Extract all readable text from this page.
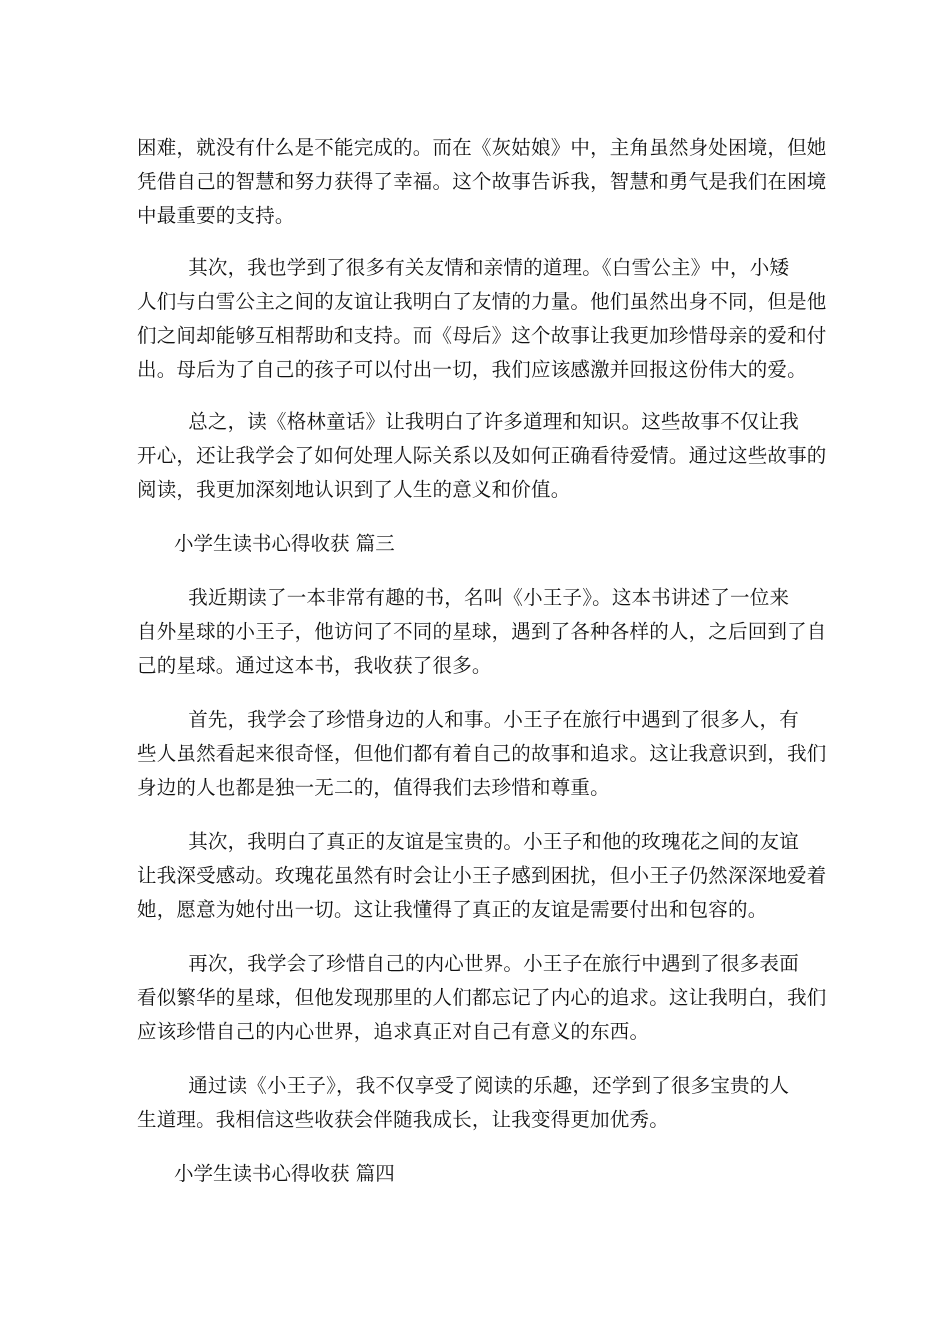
困难，就没有什么是不能完成的。而在《灰姑娘》中，主角虽然身处困境，但她
凭借自己的智慧和努力获得了幸福。这个故事告诉我，智慧和勇气是我们在困境
中最重要的支持。

其次，我也学到了很多有关友情和亲情的道理。《白雪公主》中，小矮
人们与白雪公主之间的友谊让我明白了友情的力量。他们虽然出身不同，但是他
们之间却能够互相帮助和支持。而《母后》这个故事让我更加珍惜母亲的爱和付
出。母后为了自己的孩子可以付出一切，我们应该感激并回报这份伟大的爱。

总之，读《格林童话》让我明白了许多道理和知识。这些故事不仅让我
开心，还让我学会了如何处理人际关系以及如何正确看待爱情。通过这些故事的
阅读，我更加深刻地认识到了人生的意义和价值。

小学生读书心得收获 篇三

我近期读了一本非常有趣的书，名叫《小王子》。这本书讲述了一位来
自外星球的小王子，他访问了不同的星球，遇到了各种各样的人，之后回到了自
己的星球。通过这本书，我收获了很多。

首先，我学会了珍惜身边的人和事。小王子在旅行中遇到了很多人，有
些人虽然看起来很奇怪，但他们都有着自己的故事和追求。这让我意识到，我们
身边的人也都是独一无二的，值得我们去珍惜和尊重。

其次，我明白了真正的友谊是宝贵的。小王子和他的玫瑰花之间的友谊
让我深受感动。玫瑰花虽然有时会让小王子感到困扰，但小王子仍然深深地爱着
她，愿意为她付出一切。这让我懂得了真正的友谊是需要付出和包容的。

再次，我学会了珍惜自己的内心世界。小王子在旅行中遇到了很多表面
看似繁华的星球，但他发现那里的人们都忘记了内心的追求。这让我明白，我们
应该珍惜自己的内心世界，追求真正对自己有意义的东西。

通过读《小王子》，我不仅享受了阅读的乐趣，还学到了很多宝贵的人
生道理。我相信这些收获会伴随我成长，让我变得更加优秀。

小学生读书心得收获 篇四
